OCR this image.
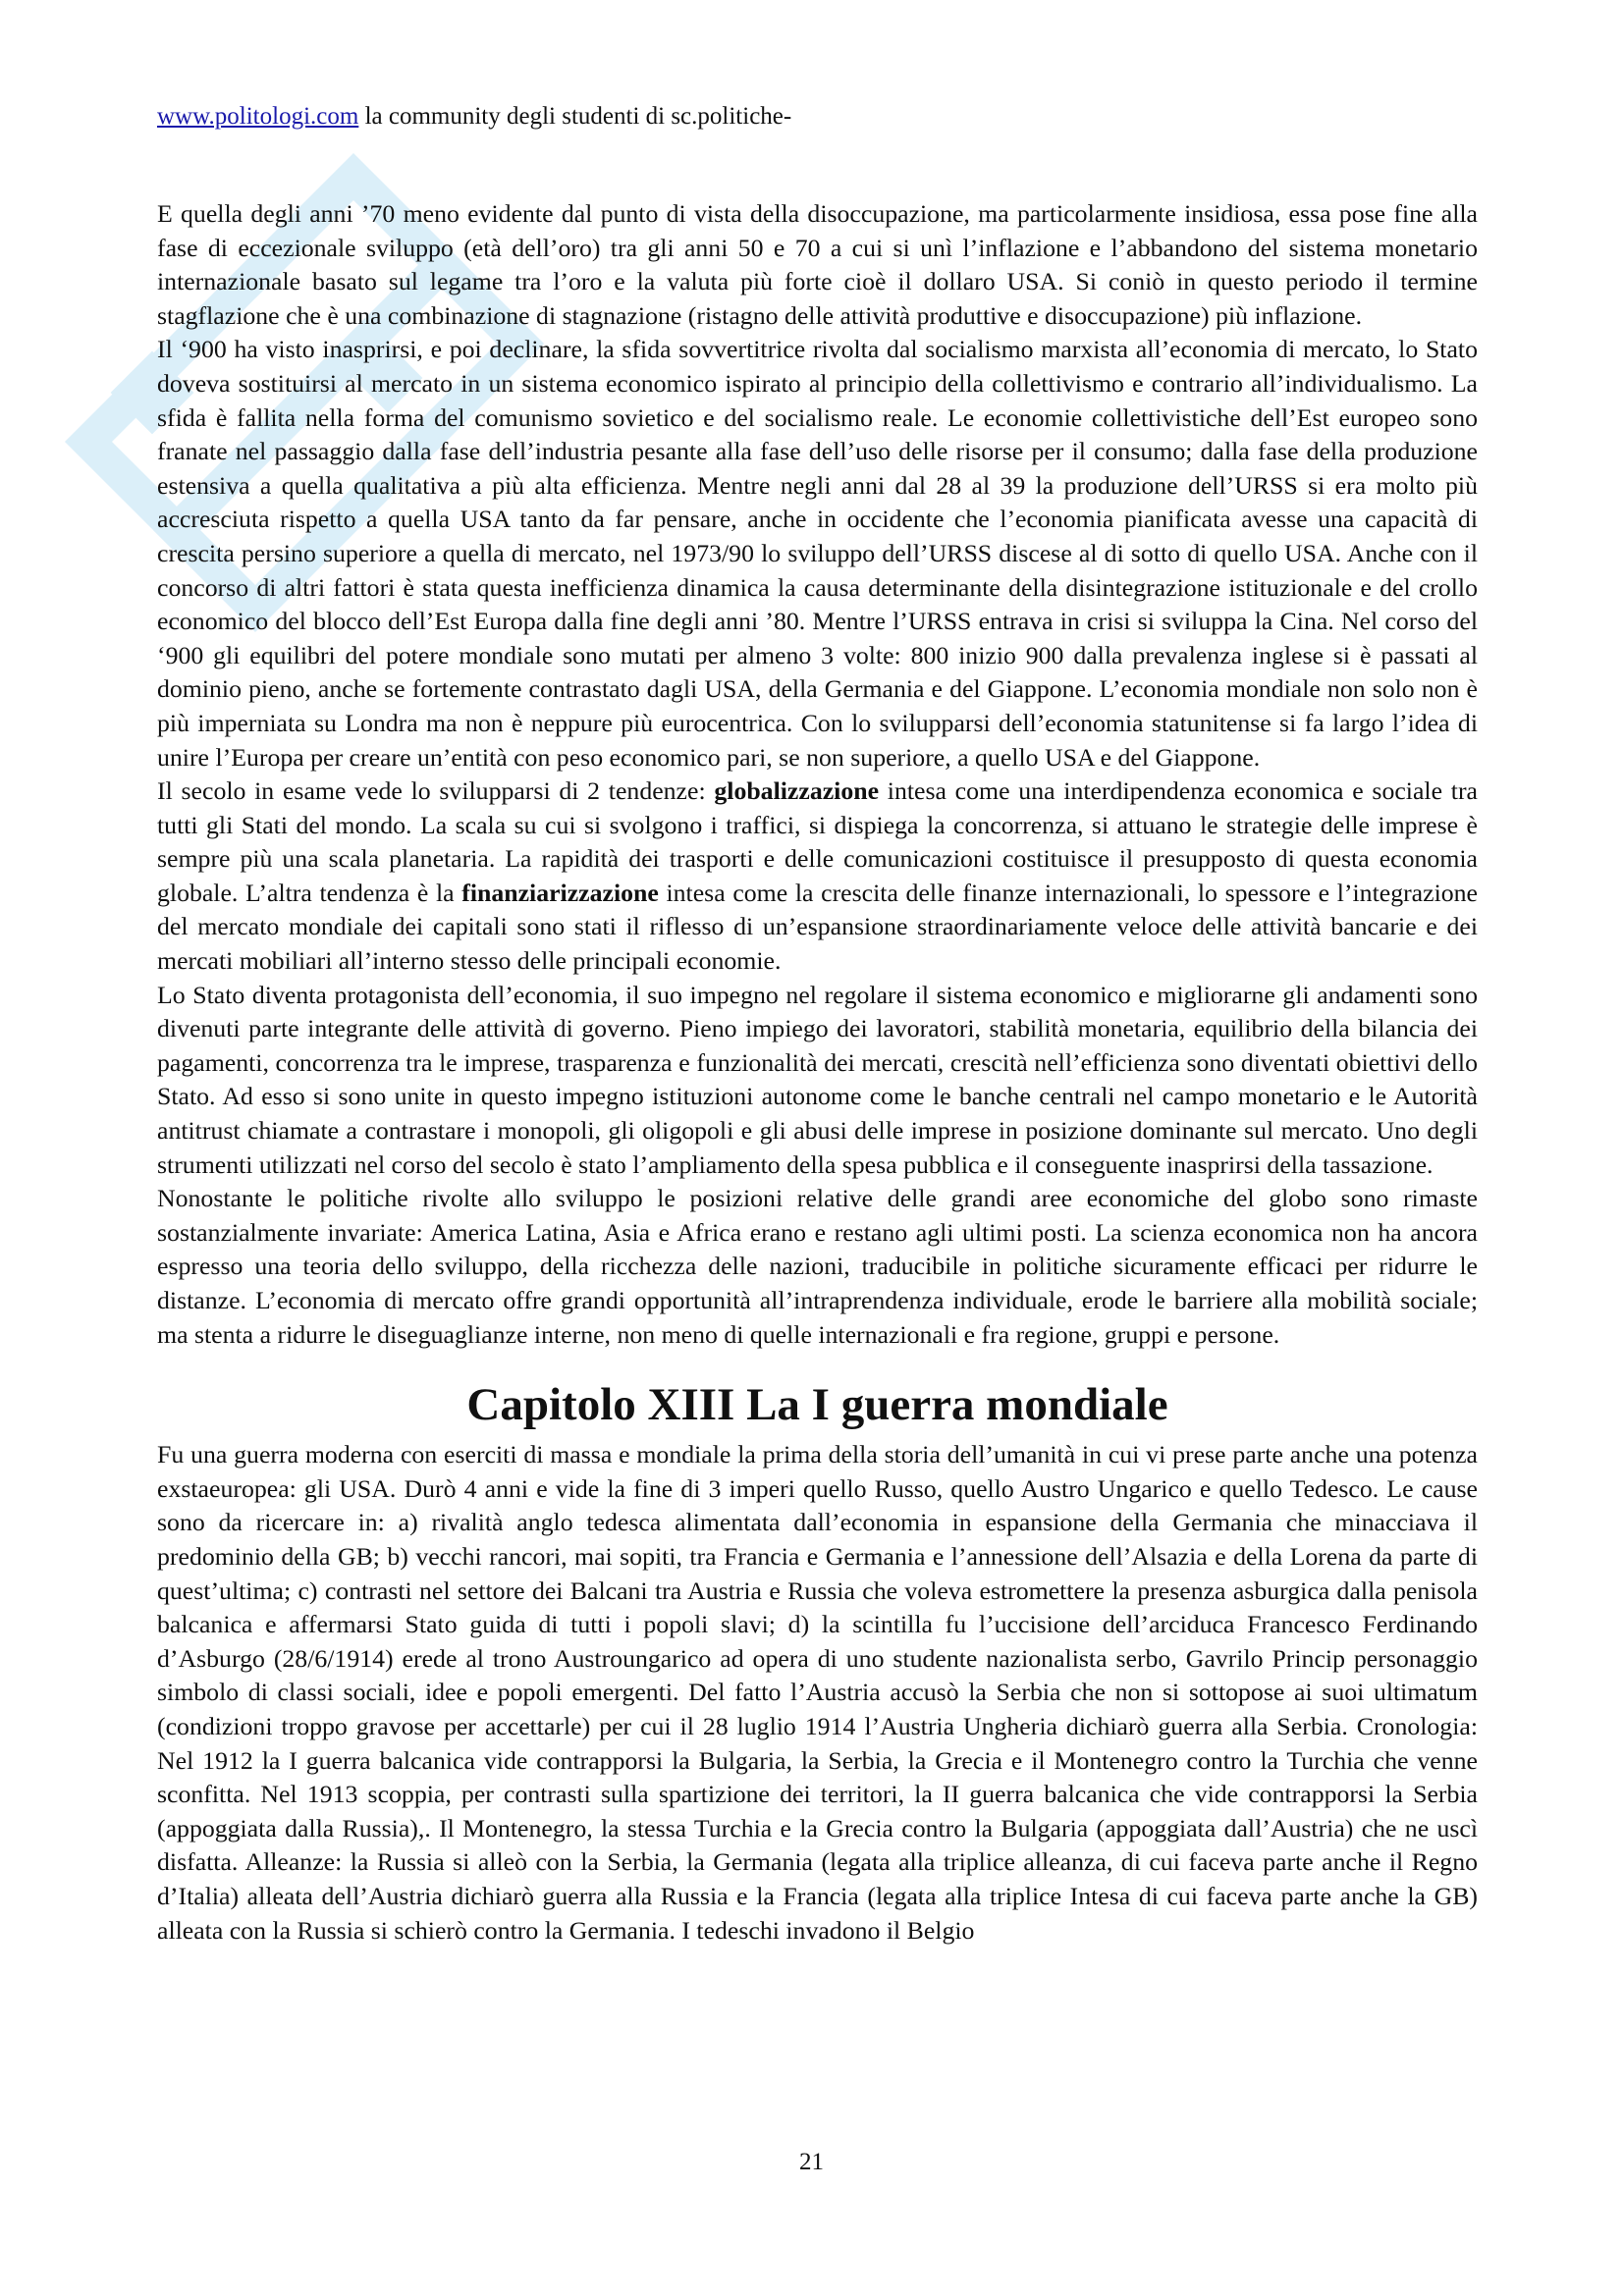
www.politologi.com la community degli studenti di sc.politiche-

E quella degli anni ’70 meno evidente dal punto di vista della disoccupazione, ma particolarmente insidiosa, essa pose fine alla fase di eccezionale sviluppo (età dell’oro) tra gli anni 50 e 70 a cui si unì l’inflazione e l’abbandono del sistema monetario internazionale basato sul legame tra l’oro e la valuta più forte cioè il dollaro USA. Si coniò in questo periodo il termine stagflazione che è una combinazione di stagnazione (ristagno delle attività produttive e disoccupazione) più inflazione.

Il ‘900 ha visto inasprirsi, e poi declinare, la sfida sovvertitrice rivolta dal socialismo marxista all’economia di mercato, lo Stato doveva sostituirsi al mercato in un sistema economico ispirato al principio della collettivismo e contrario all’individualismo. La sfida è fallita nella forma del comunismo sovietico e del socialismo reale. Le economie collettivistiche dell’Est europeo sono franate nel passaggio dalla fase dell’industria pesante alla fase dell’uso delle risorse per il consumo; dalla fase della produzione estensiva a quella qualitativa a più alta efficienza. Mentre negli anni dal 28 al 39 la produzione dell’URSS si era molto più accresciuta rispetto a quella USA tanto da far pensare, anche in occidente che l’economia pianificata avesse una capacità di crescita persino superiore a quella di mercato, nel 1973/90 lo sviluppo dell’URSS discese al di sotto di quello USA. Anche con il concorso di altri fattori è stata questa inefficienza dinamica la causa determinante della disintegrazione istituzionale e del crollo economico del blocco dell’Est Europa dalla fine degli anni ’80. Mentre l’URSS entrava in crisi si sviluppa la Cina. Nel corso del ‘900 gli equilibri del potere mondiale sono mutati per almeno 3 volte: 800 inizio 900 dalla prevalenza inglese si è passati al dominio pieno, anche se fortemente contrastato dagli USA, della Germania e del Giappone. L’economia mondiale non solo non è più imperniata su Londra ma non è neppure più eurocentrica. Con lo svilupparsi dell’economia statunitense si fa largo l’idea di unire l’Europa per creare un’entità con peso economico pari, se non superiore, a quello USA e del Giappone.

Il secolo in esame vede lo svilupparsi di 2 tendenze: globalizzazione intesa come una interdipendenza economica e sociale tra tutti gli Stati del mondo. La scala su cui si svolgono i traffici, si dispiega la concorrenza, si attuano le strategie delle imprese è sempre più una scala planetaria. La rapidità dei trasporti e delle comunicazioni costituisce il presupposto di questa economia globale. L’altra tendenza è la finanziarizzazione intesa come la crescita delle finanze internazionali, lo spessore e l’integrazione del mercato mondiale dei capitali sono stati il riflesso di un’espansione straordinariamente veloce delle attività bancarie e dei mercati mobiliari all’interno stesso delle principali economie.

Lo Stato diventa protagonista dell’economia, il suo impegno nel regolare il sistema economico e migliorarne gli andamenti sono divenuti parte integrante delle attività di governo. Pieno impiego dei lavoratori, stabilità monetaria, equilibrio della bilancia dei pagamenti, concorrenza tra le imprese, trasparenza e funzionalità dei mercati, crescità nell’efficienza sono diventati obiettivi dello Stato. Ad esso si sono unite in questo impegno istituzioni autonome come le banche centrali nel campo monetario e le Autorità antitrust chiamate a contrastare i monopoli, gli oligopoli e gli abusi delle imprese in posizione dominante sul mercato. Uno degli strumenti utilizzati nel corso del secolo è stato l’ampliamento della spesa pubblica e il conseguente inasprirsi della tassazione.

Nonostante le politiche rivolte allo sviluppo le posizioni relative delle grandi aree economiche del globo sono rimaste sostanzialmente invariate: America Latina, Asia e Africa erano e restano agli ultimi posti. La scienza economica non ha ancora espresso una teoria dello sviluppo, della ricchezza delle nazioni, traducibile in politiche sicuramente efficaci per ridurre le distanze. L’economia di mercato offre grandi opportunità all’intraprendenza individuale, erode le barriere alla mobilità sociale; ma stenta a ridurre le diseguaglianze interne, non meno di quelle internazionali e fra regione, gruppi e persone.

Capitolo XIII La I guerra mondiale

Fu una guerra moderna con eserciti di massa e mondiale la prima della storia dell’umanità in cui vi prese parte anche una potenza exstaeuropea: gli USA. Durò 4 anni e vide la fine di 3 imperi quello Russo, quello Austro Ungarico e quello Tedesco. Le cause sono da ricercare in: a) rivalità anglo tedesca alimentata dall’economia in espansione della Germania che minacciava il predominio della GB; b) vecchi rancori, mai sopiti, tra Francia e Germania e l’annessione dell’Alsazia e della Lorena da parte di quest’ultima; c) contrasti nel settore dei Balcani tra Austria e Russia che voleva estromettere la presenza asburgica dalla penisola balcanica e affermarsi Stato guida di tutti i popoli slavi; d) la scintilla fu l’uccisione dell’arciduca Francesco Ferdinando d’Asburgo (28/6/1914) erede al trono Austroungarico ad opera di uno studente nazionalista serbo, Gavrilo Princip personaggio simbolo di classi sociali, idee e popoli emergenti. Del fatto l’Austria accusò la Serbia che non si sottopose ai suoi ultimatum (condizioni troppo gravose per accettarle) per cui il 28 luglio 1914 l’Austria Ungheria dichiarò guerra alla Serbia. Cronologia: Nel 1912 la I guerra balcanica vide contrapporsi la Bulgaria, la Serbia, la Grecia e il Montenegro contro la Turchia che venne sconfitta. Nel 1913 scoppia, per contrasti sulla spartizione dei territori, la II guerra balcanica che vide contrapporsi la Serbia (appoggiata dalla Russia),. Il Montenegro, la stessa Turchia e la Grecia contro la Bulgaria (appoggiata dall’Austria) che ne uscì disfatta. Alleanze: la Russia si alleò con la Serbia, la Germania (legata alla triplice alleanza, di cui faceva parte anche il Regno d’Italia) alleata dell’Austria dichiarò guerra alla Russia e la Francia (legata alla triplice Intesa di cui faceva parte anche la GB) alleata con la Russia si schierò contro la Germania. I tedeschi invadono il Belgio

21
